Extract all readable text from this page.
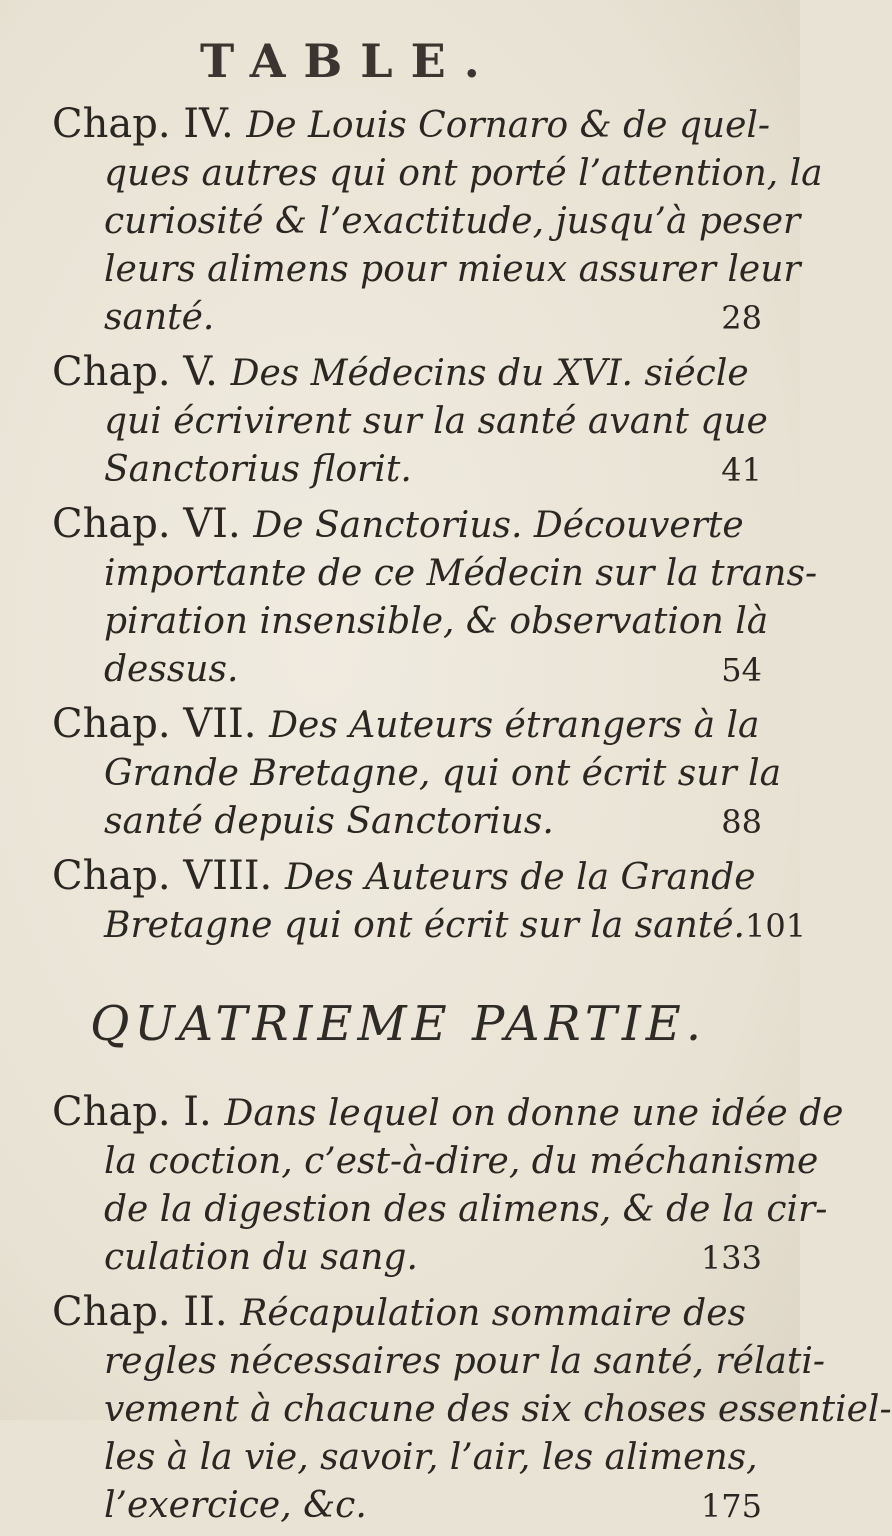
TABLE.
Chap. IV. De Louis Cornaro & de quel-
ques autres qui ont porté l’attention, la
curiosité & l’exactitude, jusqu’à peser
leurs alimens pour mieux assurer leur
santé.	28
Chap. V. Des Médecins du XVI. siécle
qui écrivirent sur la santé avant que
Sanctorius florit.	41
Chap. VI. De Sanctorius. Découverte
importante de ce Médecin sur la trans-
piration insensible, & observation là
dessus.	54
Chap. VII. Des Auteurs étrangers à la
Grande Bretagne, qui ont écrit sur la
santé depuis Sanctorius.	88
Chap. VIII. Des Auteurs de la Grande
Bretagne qui ont écrit sur la santé. 101
QUATRIEME PARTIE.
Chap. I. Dans lequel on donne une idée de
la coction, c’est-à-dire, du méchanisme
de la digestion des alimens, & de la cir-
culation du sang.	133
Chap. II. Récapulation sommaire des
regles nécessaires pour la santé, rélati-
vement à chacune des six choses essentiel-
les à la vie, savoir, l’air, les alimens,
l’exercice, &c.	175
